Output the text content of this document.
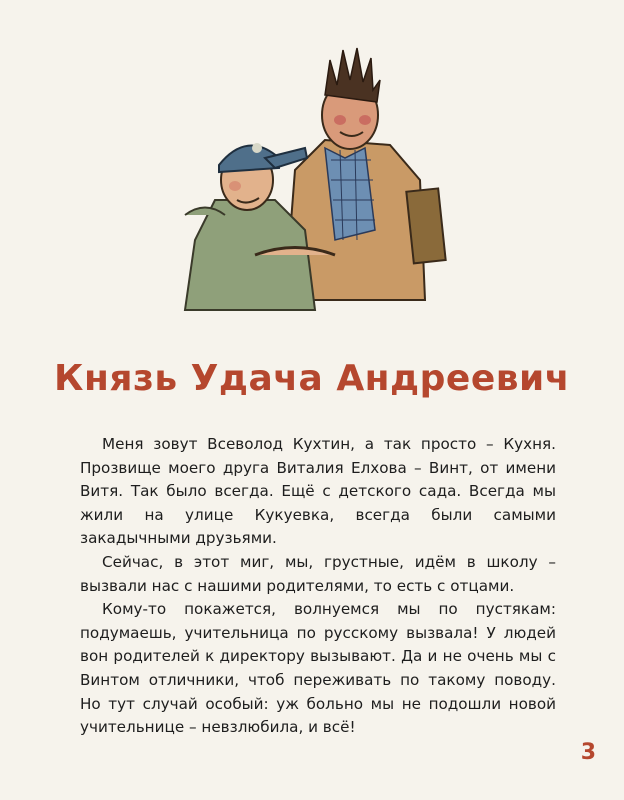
Князь Удача Андреевич

Меня зовут Всеволод Кухтин, а так просто – Кухня. Прозвище моего друга Виталия Елхова – Винт, от имени Витя. Так было всегда. Ещё с детского сада. Всегда мы жили на улице Кукуевка, всегда были самыми закадычными друзьями.

Сейчас, в этот миг, мы, грустные, идём в школу – вызвали нас с нашими родителями, то есть с отцами.

Кому-то покажется, волнуемся мы по пустякам: подумаешь, учительница по русскому вызвала! У людей вон родителей к директору вызывают. Да и не очень мы с Винтом отличники, чтоб переживать по такому поводу. Но тут случай особый: уж больно мы не подошли новой учительнице – невзлюбила, и всё!

3
